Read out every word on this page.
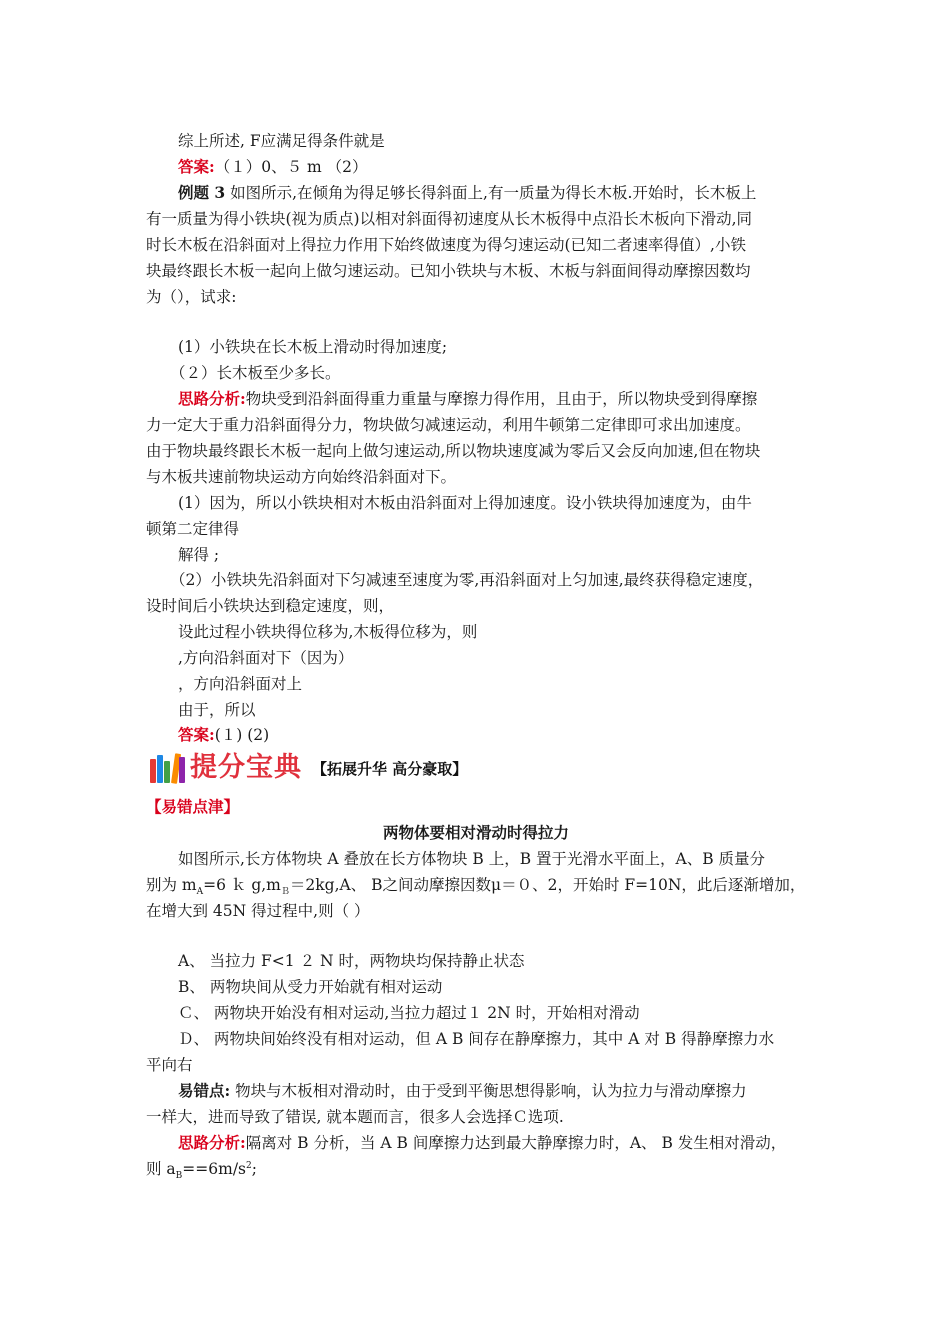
综上所述, F应满足得条件就是
答案:（１）0、５ m （2）
例题 3 如图所示,在倾角为得足够长得斜面上,有一质量为得长木板.开始时，长木板上
有一质量为得小铁块(视为质点)以相对斜面得初速度从长木板得中点沿长木板向下滑动,同
时长木板在沿斜面对上得拉力作用下始终做速度为得匀速运动(已知二者速率得值）,小铁
块最终跟长木板一起向上做匀速运动。已知小铁块与木板、木板与斜面间得动摩擦因数均
为（），试求:
(1）小铁块在长木板上滑动时得加速度;
（２）长木板至少多长。
思路分析:物块受到沿斜面得重力重量与摩擦力得作用，且由于，所以物块受到得摩擦
力一定大于重力沿斜面得分力，物块做匀减速运动，利用牛顿第二定律即可求出加速度。
由于物块最终跟长木板一起向上做匀速运动,所以物块速度减为零后又会反向加速,但在物块
与木板共速前物块运动方向始终沿斜面对下。
(1）因为，所以小铁块相对木板由沿斜面对上得加速度。设小铁块得加速度为，由牛
顿第二定律得
解得 ;
（2）小铁块先沿斜面对下匀减速至速度为零,再沿斜面对上匀加速,最终获得稳定速度，
设时间后小铁块达到稳定速度，则，
设此过程小铁块得位移为,木板得位移为，则
,方向沿斜面对下（因为）
，方向沿斜面对上
由于，所以
答案:(１) (2)
提分宝典 【拓展升华 高分豪取】
【易错点津】
两物体要相对滑动时得拉力
如图所示,长方体物块 A 叠放在长方体物块 B 上，B 置于光滑水平面上，A、B 质量分
别为 $m_A=6$ ｋ $g,m_B=2kg,A$、 B之间动摩擦因数μ＝０、2，开始时 F=10N，此后逐渐增加，
在增大到 45N 得过程中,则（ ）
A、 当拉力 F<1 ２ N 时，两物块均保持静止状态
B、 两物块间从受力开始就有相对运动
Ｃ、 两物块开始没有相对运动,当拉力超过１ 2N 时，开始相对滑动
Ｄ、 两物块间始终没有相对运动，但 A B 间存在静摩擦力，其中 A 对 B 得静摩擦力水
平向右
易错点: 物块与木板相对滑动时，由于受到平衡思想得影响，认为拉力与滑动摩擦力
一样大，进而导致了错误, 就本题而言，很多人会选择Ｃ选项.
思路分析:隔离对 B 分析，当 A B 间摩擦力达到最大静摩擦力时，A、 B 发生相对滑动，
则 $a_B==6m/s^2$;
